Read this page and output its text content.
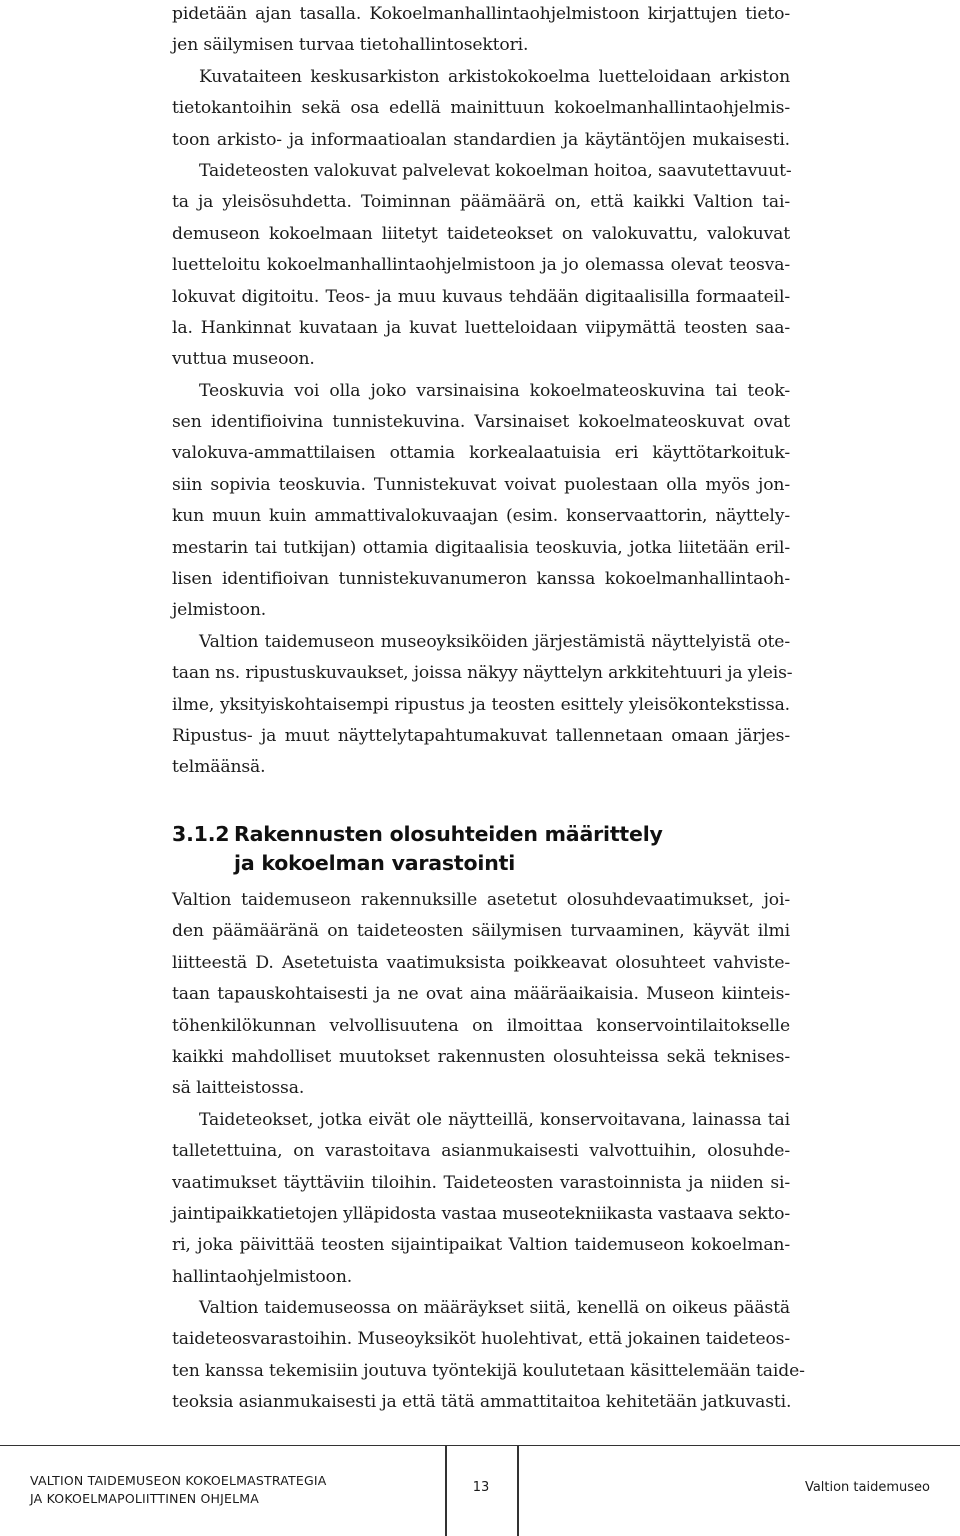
pidetään ajan tasalla. Kokoelmanhallintaohjelmistoon kirjattujen tieto-
jen säilymisen turvaa tietohallintosektori.
Kuvataiteen keskusarkiston arkistokokoelma luetteloidaan arkiston
tietokantoihin sekä osa edellä mainittuun kokoelmanhallintaohjelmis-
toon arkisto- ja informaatioalan standardien ja käytäntöjen mukaisesti.
Taideteosten valokuvat palvelevat kokoelman hoitoa, saavutettavuut-
ta ja yleisösuhdetta. Toiminnan päämäärä on, että kaikki Valtion tai-
demuseon kokoelmaan liitetyt taideteokset on valokuvattu, valokuvat
luetteloitu kokoelmanhallintaohjelmistoon ja jo olemassa olevat teosva-
lokuvat digitoitu. Teos- ja muu kuvaus tehdään digitaalisilla formaateil-
la. Hankinnat kuvataan ja kuvat luetteloidaan viipymättä teosten saa-
vuttua museoon.
Teoskuvia voi olla joko varsinaisina kokoelmateoskuvina tai teok-
sen identifioivina tunnistekuvina. Varsinaiset kokoelmateoskuvat ovat
valokuva-ammattilaisen ottamia korkealaatuisia eri käyttötarkoituk-
siin sopivia teoskuvia. Tunnistekuvat voivat puolestaan olla myös jon-
kun muun kuin ammattivalokuvaajan (esim. konservaattorin, näyttely-
mestarin tai tutkijan) ottamia digitaalisia teoskuvia, jotka liitetään eril-
lisen identifioivan tunnistekuvanumeron kanssa kokoelmanhallintaoh-
jelmistoon.
Valtion taidemuseon museoyksiköiden järjestämistä näyttelyistä ote-
taan ns. ripustuskuvaukset, joissa näkyy näyttelyn arkkitehtuuri ja yleis-
ilme, yksityiskohtaisempi ripustus ja teosten esittely yleisökontekstissa.
Ripustus- ja muut näyttelytapahtumakuvat tallennetaan omaan järjes-
telmäänsä.
3.1.2 Rakennusten olosuhteiden määrittely
ja kokoelman varastointi
Valtion taidemuseon rakennuksille asetetut olosuhdevaatimukset, joi-
den päämääränä on taideteosten säilymisen turvaaminen, käyvät ilmi
liitteestä D. Asetetuista vaatimuksista poikkeavat olosuhteet vahviste-
taan tapauskohtaisesti ja ne ovat aina määräaikaisia. Museon kiinteis-
töhenkilökunnan velvollisuutena on ilmoittaa konservointilaitokselle
kaikki mahdolliset muutokset rakennusten olosuhteissa sekä teknises-
sä laitteistossa.
Taideteokset, jotka eivät ole näytteillä, konservoitavana, lainassa tai
talletettuina, on varastoitava asianmukaisesti valvottuihin, olosuhde-
vaatimukset täyttäviin tiloihin. Taideteosten varastoinnista ja niiden si-
jaintipaikkatietojen ylläpidosta vastaa museotekniikasta vastaava sekto-
ri, joka päivittää teosten sijaintipaikat Valtion taidemuseon kokoelman-
hallintaohjelmistoon.
Valtion taidemuseossa on määräykset siitä, kenellä on oikeus päästä
taideteosvarastoihin. Museoyksiköt huolehtivat, että jokainen taideteos-
ten kanssa tekemisiin joutuva työntekijä koulutetaan käsittelemään taide-
teoksia asianmukaisesti ja että tätä ammattitaitoa kehitetään jatkuvasti.
VALTION TAIDEMUSEON KOKOELMASTRATEGIA
JA KOKOELMAPOLIITTINEN OHJELMA
13	Valtion taidemuseo
